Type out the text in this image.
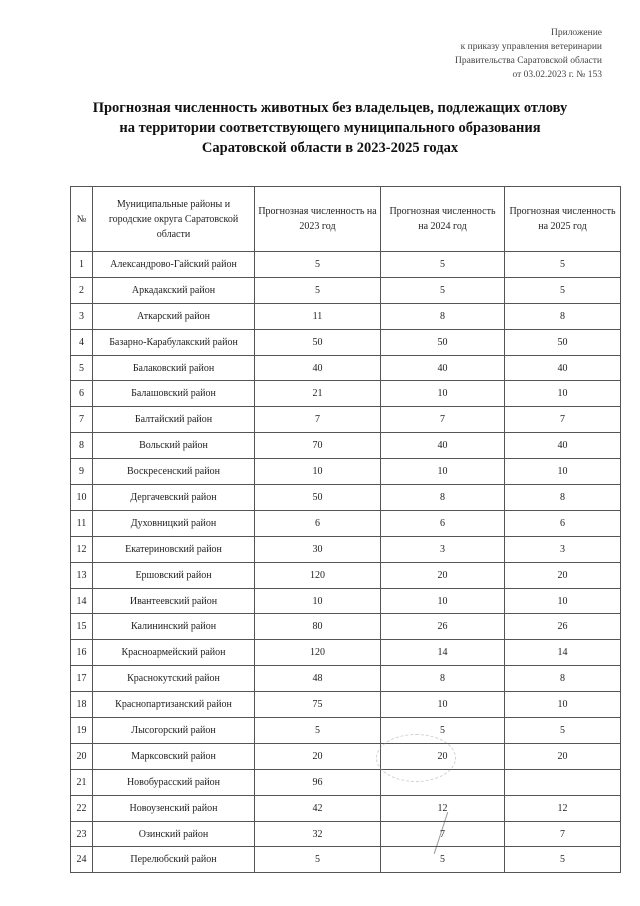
Приложение
к приказу управления ветеринарии
Правительства Саратовской области
от 03.02.2023 г. № 153
Прогнозная численность животных без владельцев, подлежащих отлову
на территории соответствующего муниципального образования
Саратовской области в 2023-2025 годах
№	Муниципальные районы и городские округа Саратовской области	Прогнозная численность на 2023 год	Прогнозная численность на 2024 год	Прогнозная численность на 2025 год
1	Александрово-Гайский район	5	5	5
2	Аркадакский район	5	5	5
3	Аткарский район	11	8	8
4	Базарно-Карабулакский район	50	50	50
5	Балаковский район	40	40	40
6	Балашовский район	21	10	10
7	Балтайский район	7	7	7
8	Вольский район	70	40	40
9	Воскресенский район	10	10	10
10	Дергачевский район	50	8	8
11	Духовницкий район	6	6	6
12	Екатериновский район	30	3	3
13	Ершовский район	120	20	20
14	Ивантеевский район	10	10	10
15	Калининский район	80	26	26
16	Красноармейский район	120	14	14
17	Краснокутский район	48	8	8
18	Краснопартизанский район	75	10	10
19	Лысогорский район	5	5	5
20	Марксовский район	20	20	20
21	Новобурасский район	96		
22	Новоузенский район	42	12	12
23	Озинский район	32	7	7
24	Перелюбский район	5	5	5
